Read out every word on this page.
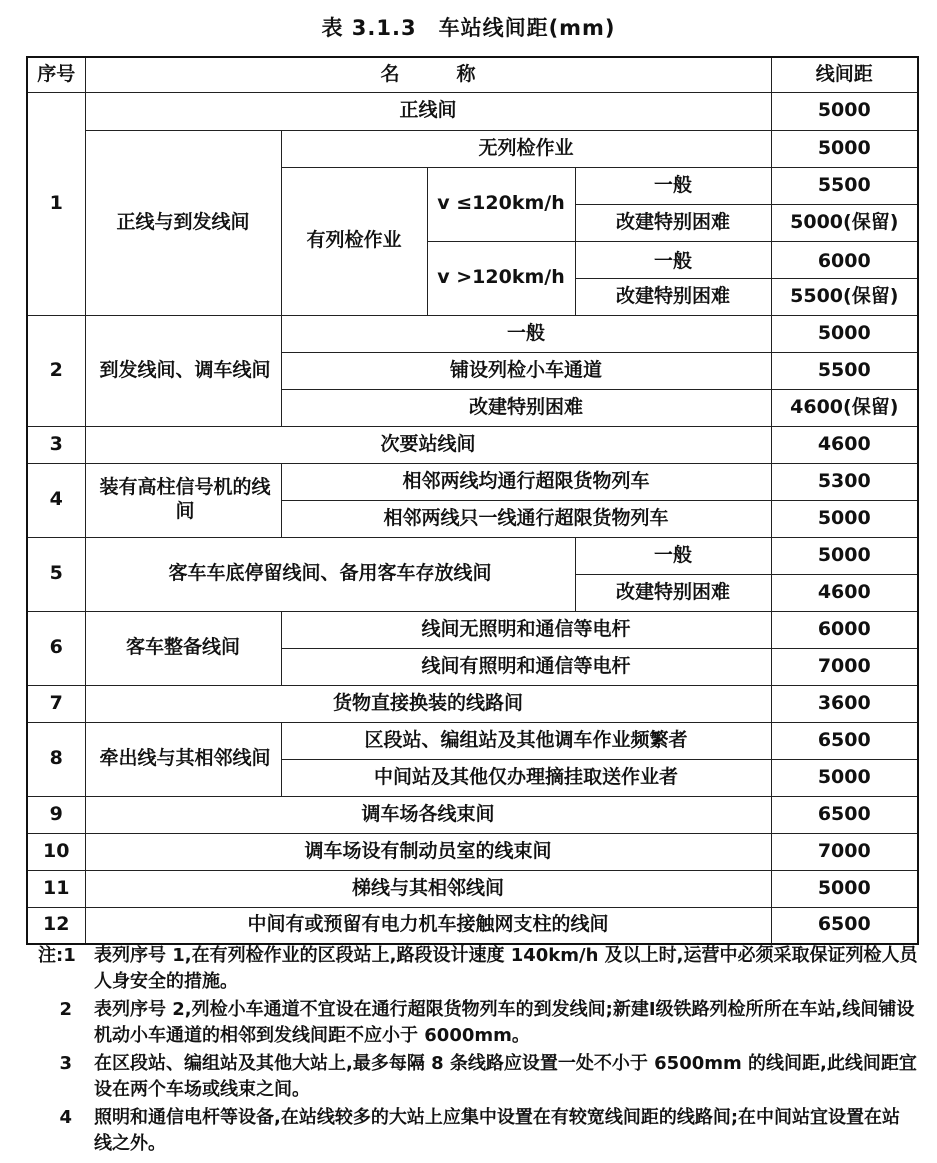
表 3.1.3　车站线间距(mm)
序号	名　　　称				线间距
1	正线间				5000
	正线与到发线间	无列检作业			5000
		有列检作业	v ≤120km/h	一般	5500
				改建特别困难	5000(保留)
			v >120km/h		
				一般	6000
				改建特别困难	5500(保留)
2	到发线间、调车线间	一般			5000
		铺设列检小车通道			5500
		改建特别困难			4600(保留)
3	次要站线间				4600
4	装有高柱信号机的线间	相邻两线均通行超限货物列车			5300
		相邻两线只一线通行超限货物列车			5000
5	客车车底停留线间、备用客车存放线间			一般	5000
				改建特别困难	4600
6	客车整备线间	线间无照明和通信等电杆			6000
		线间有照明和通信等电杆			7000
7	货物直接换装的线路间				3600
8	牵出线与其相邻线间	区段站、编组站及其他调车作业频繁者			6500
		中间站及其他仅办理摘挂取送作业者			5000
9	调车场各线束间				6500
10	调车场设有制动员室的线束间				7000
11	梯线与其相邻线间				5000
12	中间有或预留有电力机车接触网支柱的线间				6500
注:1	表列序号 1,在有列检作业的区段站上,路段设计速度 140km/h 及以上时,运营中必须采取保证列检人员人身安全的措施。
2	表列序号 2,列检小车通道不宜设在通行超限货物列车的到发线间;新建Ⅰ级铁路列检所所在车站,线间铺设机动小车通道的相邻到发线间距不应小于 6000mm。
3	在区段站、编组站及其他大站上,最多每隔 8 条线路应设置一处不小于 6500mm 的线间距,此线间距宜设在两个车场或线束之间。
4	照明和通信电杆等设备,在站线较多的大站上应集中设置在有较宽线间距的线路间;在中间站宜设置在站线之外。
